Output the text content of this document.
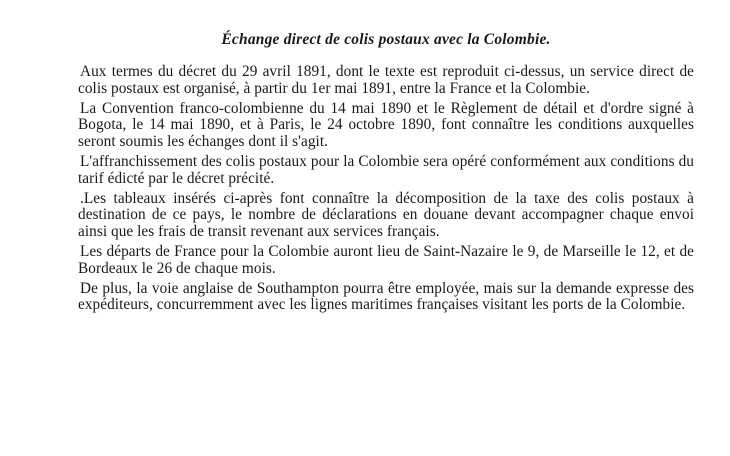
Échange direct de colis postaux avec la Colombie.

Aux termes du décret du 29 avril 1891, dont le texte est reproduit ci-dessus, un service direct de colis postaux est organisé, à partir du 1er mai 1891, entre la France et la Colombie.

La Convention franco-colombienne du 14 mai 1890 et le Règlement de détail et d'ordre signé à Bogota, le 14 mai 1890, et à Paris, le 24 octobre 1890, font connaître les conditions auxquelles seront soumis les échanges dont il s'agit.

L'affranchissement des colis postaux pour la Colombie sera opéré conformément aux conditions du tarif édicté par le décret précité.

.Les tableaux insérés ci-après font connaître la décomposition de la taxe des colis postaux à destination de ce pays, le nombre de déclarations en douane devant accompagner chaque envoi ainsi que les frais de transit revenant aux services français.

Les départs de France pour la Colombie auront lieu de Saint-Nazaire le 9, de Marseille le 12, et de Bordeaux le 26 de chaque mois.

De plus, la voie anglaise de Southampton pourra être employée, mais sur la demande expresse des expéditeurs, concurremment avec les lignes maritimes françaises visitant les ports de la Colombie.
